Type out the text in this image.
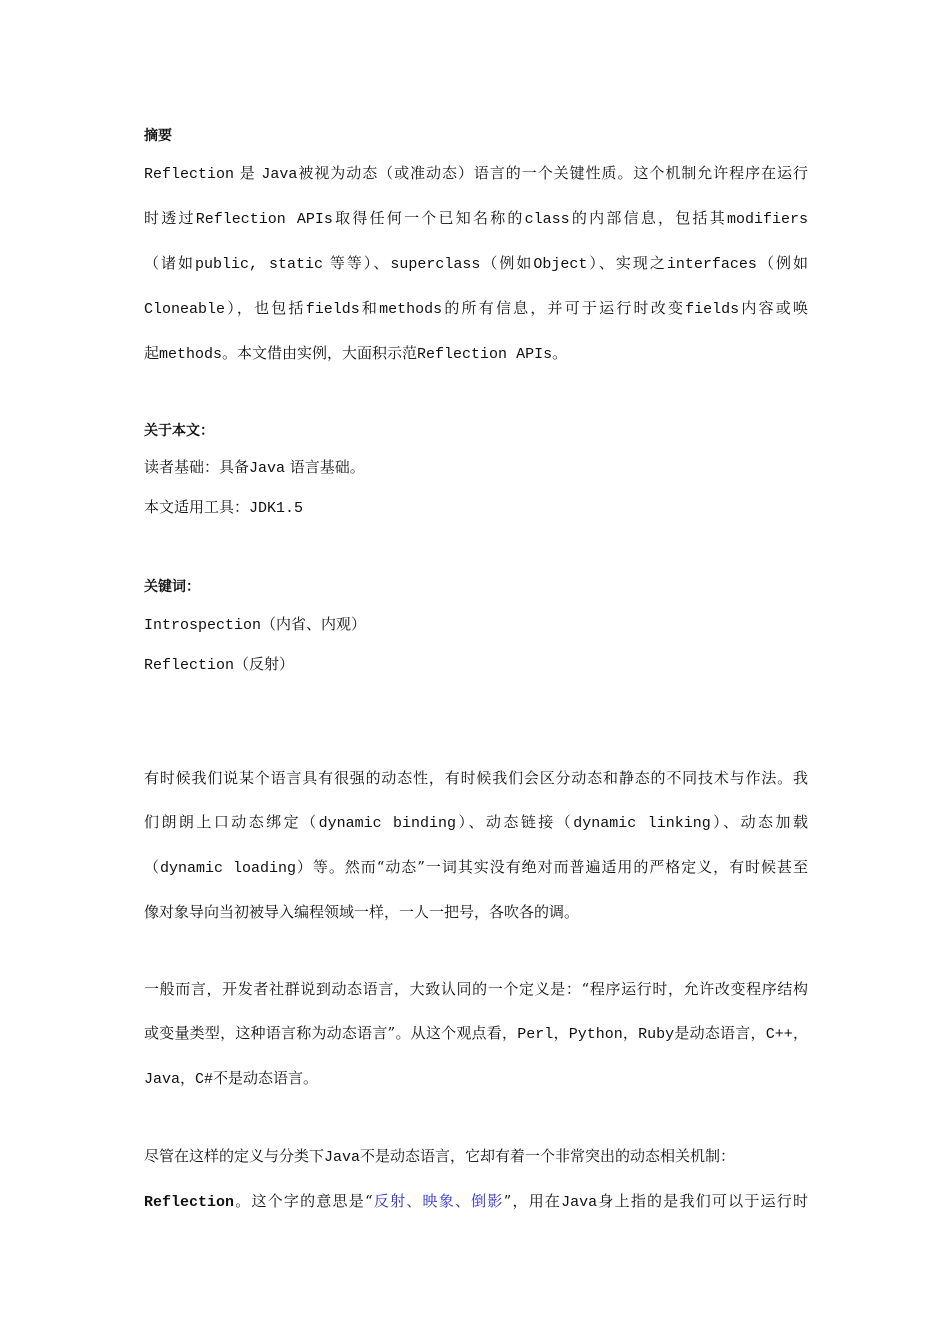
摘要
Reflection 是 Java被视为动态（或准动态）语言的一个关键性质。这个机制允许程序在运行
时透过Reflection APIs取得任何一个已知名称的class的内部信息，包括其modifiers
（诸如public, static 等等）、superclass（例如Object）、实现之interfaces（例如
Cloneable），也包括fields和methods的所有信息，并可于运行时改变fields内容或唤
起methods。本文借由实例，大面积示范Reflection APIs。
关于本文：
读者基础：具备Java 语言基础。
本文适用工具：JDK1.5
关键词：
Introspection（内省、内观）
Reflection（反射）
有时候我们说某个语言具有很强的动态性，有时候我们会区分动态和静态的不同技术与作法。我
们朗朗上口动态绑定（dynamic binding）、动态链接（dynamic linking）、动态加载
（dynamic loading）等。然而“动态”一词其实没有绝对而普遍适用的严格定义，有时候甚至
像对象导向当初被导入编程领域一样，一人一把号，各吹各的调。
一般而言，开发者社群说到动态语言，大致认同的一个定义是：“程序运行时，允许改变程序结构
或变量类型，这种语言称为动态语言”。从这个观点看，Perl，Python，Ruby是动态语言，C++，
Java，C#不是动态语言。
尽管在这样的定义与分类下Java不是动态语言，它却有着一个非常突出的动态相关机制：
Reflection。这个字的意思是“反射、映象、倒影”，用在Java身上指的是我们可以于运行时
